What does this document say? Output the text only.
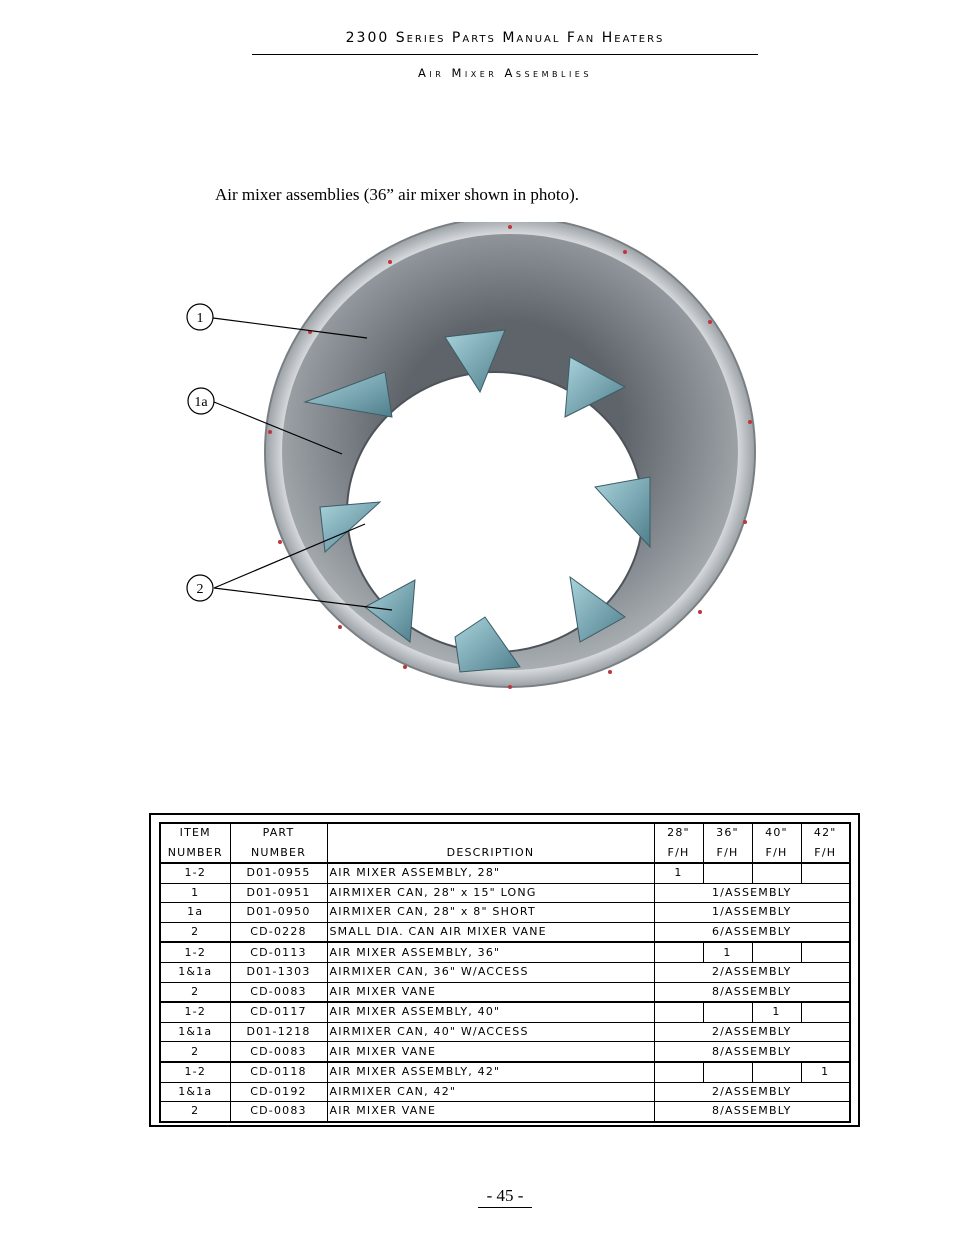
2300 Series Parts Manual Fan Heaters
Air Mixer Assemblies
Air mixer assemblies (36” air mixer shown in photo).
1
1a
2
ITEM	PART		28"	36"	40"	42"
NUMBER	NUMBER	DESCRIPTION	F/H	F/H	F/H	F/H
1-2	D01-0955	AIR MIXER ASSEMBLY, 28"	1			
1	D01-0951	AIRMIXER CAN, 28" x 15" LONG	1/ASSEMBLY			
1a	D01-0950	AIRMIXER CAN, 28" x 8" SHORT	1/ASSEMBLY			
2	CD-0228	SMALL DIA. CAN AIR MIXER VANE	6/ASSEMBLY			
1-2	CD-0113	AIR MIXER ASSEMBLY, 36"		1		
1&1a	D01-1303	AIRMIXER CAN, 36" W/ACCESS	2/ASSEMBLY			
2	CD-0083	AIR MIXER VANE	8/ASSEMBLY			
1-2	CD-0117	AIR MIXER ASSEMBLY, 40"			1	
1&1a	D01-1218	AIRMIXER CAN, 40" W/ACCESS	2/ASSEMBLY			
2	CD-0083	AIR MIXER VANE	8/ASSEMBLY			
1-2	CD-0118	AIR MIXER ASSEMBLY, 42"				1
1&1a	CD-0192	AIRMIXER CAN, 42"	2/ASSEMBLY			
2	CD-0083	AIR MIXER VANE	8/ASSEMBLY			
- 45 -
